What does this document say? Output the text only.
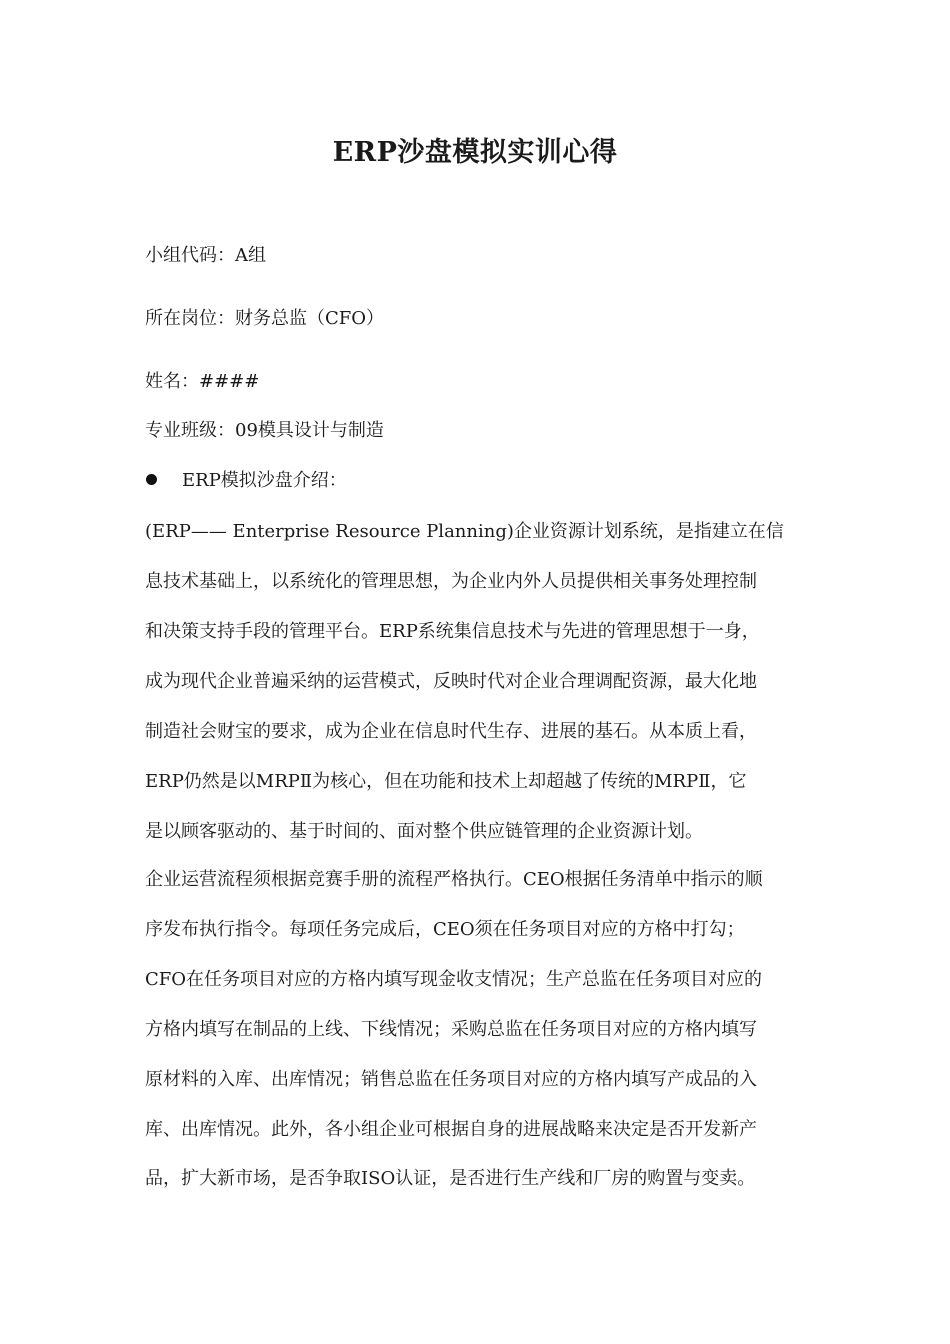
ERP沙盘模拟实训心得
小组代码：A组
所在岗位：财务总监（CFO）
姓名：####
专业班级：09模具设计与制造
ERP模拟沙盘介绍：
(ERP—— Enterprise Resource Planning)企业资源计划系统，是指建立在信
息技术基础上，以系统化的管理思想，为企业内外人员提供相关事务处理控制
和决策支持手段的管理平台。ERP系统集信息技术与先进的管理思想于一身，
成为现代企业普遍采纳的运营模式，反映时代对企业合理调配资源，最大化地
制造社会财宝的要求，成为企业在信息时代生存、进展的基石。从本质上看，
ERP仍然是以MRPⅡ为核心，但在功能和技术上却超越了传统的MRPⅡ，它
是以顾客驱动的、基于时间的、面对整个供应链管理的企业资源计划。
企业运营流程须根据竞赛手册的流程严格执行。CEO根据任务清单中指示的顺
序发布执行指令。每项任务完成后，CEO须在任务项目对应的方格中打勾；
CFO在任务项目对应的方格内填写现金收支情况；生产总监在任务项目对应的
方格内填写在制品的上线、下线情况；采购总监在任务项目对应的方格内填写
原材料的入库、出库情况；销售总监在任务项目对应的方格内填写产成品的入
库、出库情况。此外，各小组企业可根据自身的进展战略来决定是否开发新产
品，扩大新市场，是否争取ISO认证，是否进行生产线和厂房的购置与变卖。
